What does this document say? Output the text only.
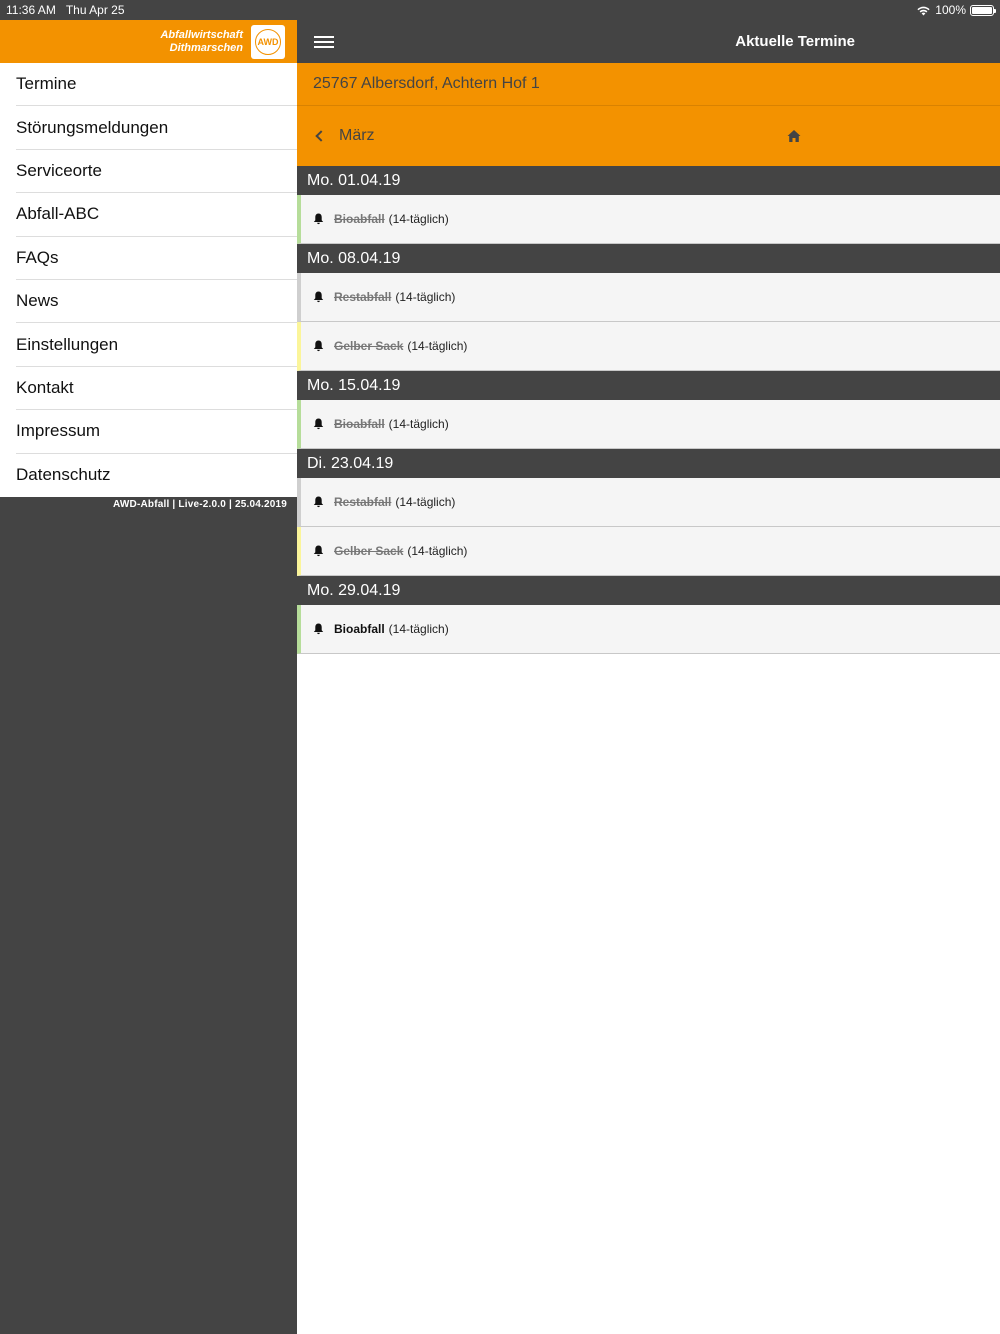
11:36 AM Thu Apr 25	100%
Abfallwirtschaft
Dithmarschen AWD
Termine
Störungsmeldungen
Serviceorte
Abfall-ABC
FAQs
News
Einstellungen
Kontakt
Impressum
Datenschutz
AWD-Abfall | Live-2.0.0 | 25.04.2019
Aktuelle Termine
25767 Albersdorf, Achtern Hof 1
März
Mo. 01.04.19
Bioabfall (14-täglich)
Mo. 08.04.19
Restabfall (14-täglich)
Gelber Sack (14-täglich)
Mo. 15.04.19
Bioabfall (14-täglich)
Di. 23.04.19
Restabfall (14-täglich)
Gelber Sack (14-täglich)
Mo. 29.04.19
Bioabfall (14-täglich)
